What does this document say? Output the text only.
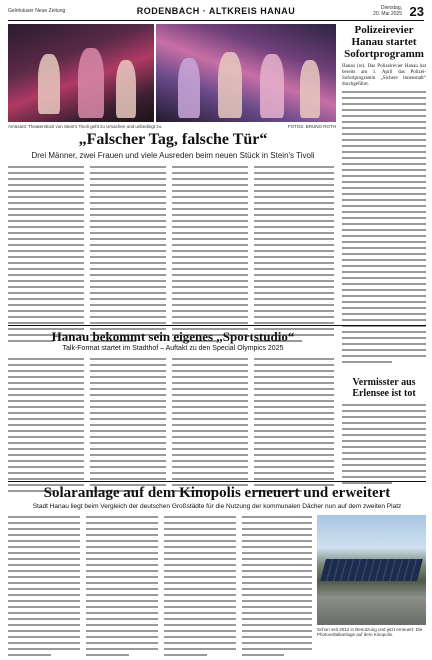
Gelnhäuser Neue Zeitung	RODENBACH · ALTKREIS HANAU	Dienstag,
20. Mai 2025 23
Amüsant: Theaterstück von Stein's Tivoli geht zu Ursachen und unbedingt zu.	FOTOS: BRUNO ROTH
Polizeirevier Hanau startet Sofortprogramm
Hanau (re). Das Polizeirevier Hanau hat bereits am 1. April das Polizei-Sofortprogramm „Sichere Innenstadt“ durchgeführt.
„Falscher Tag, falsche Tür“
Drei Männer, zwei Frauen und viele Ausreden beim neuen Stück in Stein's Tivoli
Hanau bekommt sein eigenes „Sportstudio“
Talk-Format startet im Stadthof – Auftakt zu den Special Olympics 2025
Vermisster aus Erlensee ist tot
Solaranlage auf dem Kinopolis erneuert und erweitert
Stadt Hanau liegt beim Vergleich der deutschen Großstädte für die Nutzung der kommunalen Dächer nun auf dem zweiten Platz
Schon seit 2012 in Benutzung und jetzt erneuert: Die Photovoltaikanlage auf dem Kinopolis.
